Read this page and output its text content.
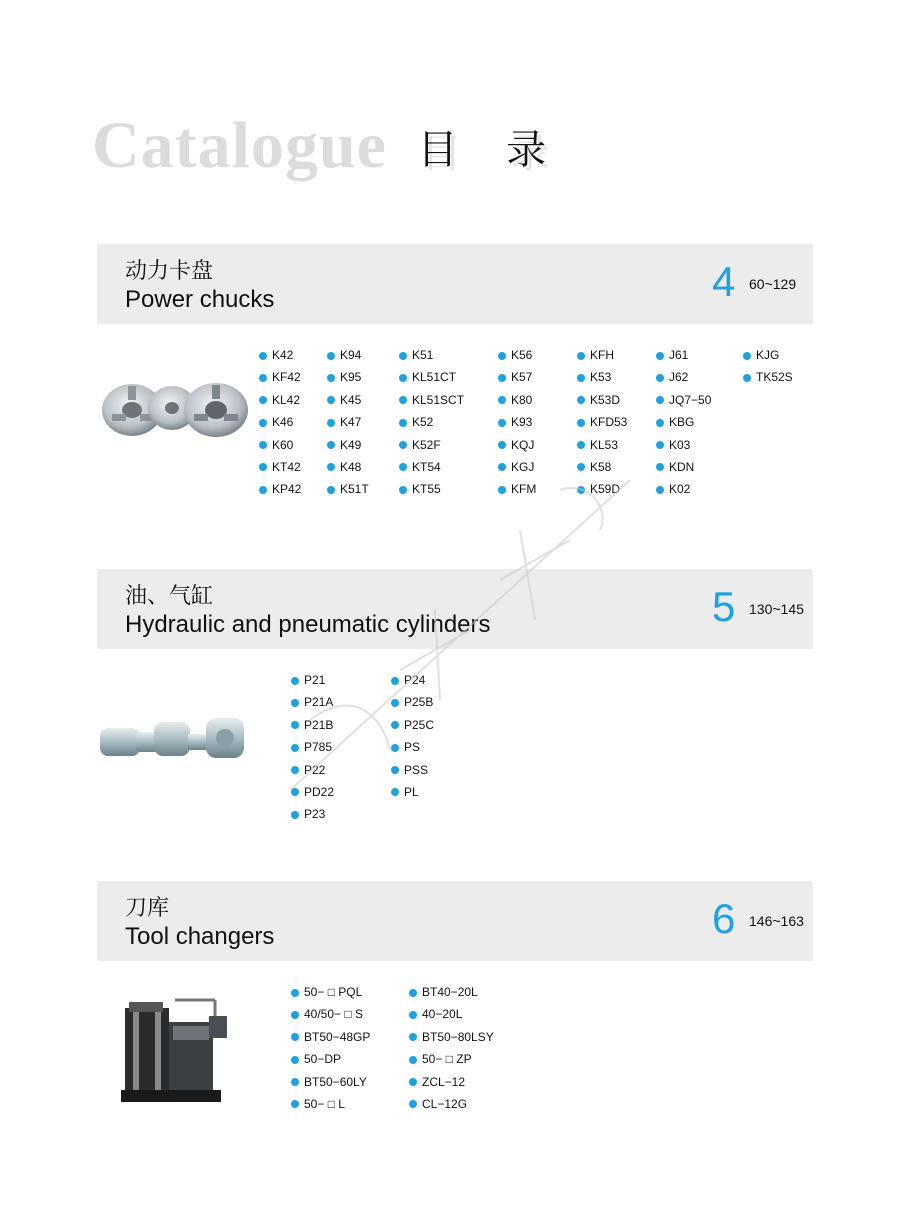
Catalogue 目 录
动力卡盘
Power chucks	4 60~129
K42
KF42
KL42
K46
K60
KT42
KP42
K94
K95
K45
K47
K49
K48
K51T
K51
KL51CT
KL51SCT
K52
K52F
KT54
KT55
K56
K57
K80
K93
KQJ
KGJ
KFM
KFH
K53
K53D
KFD53
KL53
K58
K59D
J61
J62
JQ7−50
KBG
K03
KDN
K02
KJG
TK52S
油、气缸
Hydraulic and pneumatic cylinders	5 130~145
P21
P21A
P21B
P785
P22
PD22
P23
P24
P25B
P25C
PS
PSS
PL
刀库
Tool changers	6 146~163
50− □ PQL
40/50− □ S
BT50−48GP
50−DP
BT50−60LY
50− □ L
BT40−20L
40−20L
BT50−80LSY
50− □ ZP
ZCL−12
CL−12G
